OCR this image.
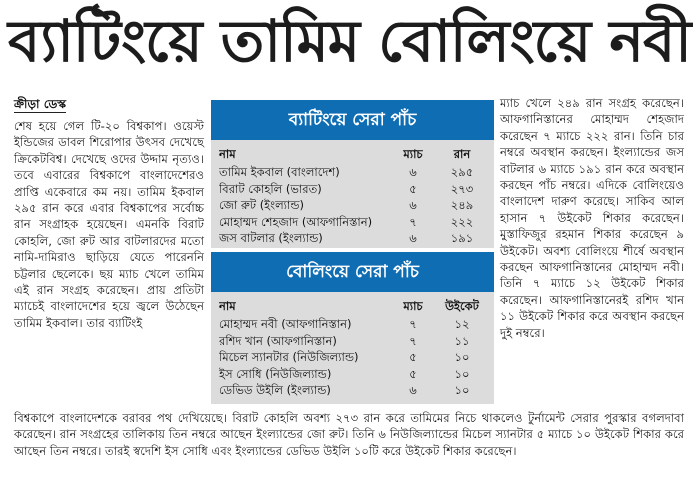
ব্যাটিংয়ে তামিম বোলিংয়ে নবী
ক্রীড়া ডেস্ক
শেষ হয়ে গেল টি-২০ বিশ্বকাপ। ওয়েস্ট ইন্ডিজের ডাবল শিরোপার উৎসব দেখেছে ক্রিকেটবিশ্ব। দেখেছে ওদের উদ্দাম নৃত্যও। তবে এবারের বিশ্বকাপে বাংলাদেশেরও প্রাপ্তি একেবারে কম নয়। তামিম ইকবাল ২৯৫ রান করে এবার বিশ্বকাপের সর্বোচ্চ রান সংগ্রাহক হয়েছেন। এমনকি বিরাট কোহলি, জো রুট আর বাটলারদের মতো নামি-দামিরাও ছাড়িয়ে যেতে পারেননি চট্টলার ছেলেকে। ছয় ম্যাচ খেলে তামিম এই রান সংগ্রহ করেছেন। প্রায় প্রতিটা ম্যাচেই বাংলাদেশের হয়ে জ্বলে উঠেছেন তামিম ইকবাল। তার ব্যাটিংই
ব্যাটিংয়ে সেরা পাঁচ
নাম	ম্যাচ	রান
তামিম ইকবাল (বাংলাদেশ)	৬	২৯৫
বিরাট কোহলি (ভারত)	৫	২৭৩
জো রুট (ইংল্যান্ড)	৬	২৪৯
মোহাম্মদ শেহজাদ (আফগানিস্তান)	৭	২২২
জস বাটলার (ইংল্যান্ড)	৬	১৯১
বোলিংয়ে সেরা পাঁচ
নাম	ম্যাচ	উইকেট
মোহাম্মদ নবী (আফগানিস্তান)	৭	১২
রশিদ খান (আফগানিস্তান)	৭	১১
মিচেল স্যানটার (নিউজিল্যান্ড)	৫	১০
ইস সোধি (নিউজিল্যান্ড)	৫	১০
ডেভিড উইলি (ইংল্যান্ড)	৬	১০
ম্যাচ খেলে ২৪৯ রান সংগ্রহ করেছেন। আফগানিস্তানের মোহাম্মদ শেহজাদ করেছেন ৭ ম্যাচে ২২২ রান। তিনি চার নম্বরে অবস্থান করছেন। ইংল্যান্ডের জস বাটলার ৬ ম্যাচে ১৯১ রান করে অবস্থান করছেন পাঁচ নম্বরে। এদিকে বোলিংয়েও বাংলাদেশ দারুণ করেছে। সাকিব আল হাসান ৭ উইকেট শিকার করেছেন। মুস্তাফিজুর রহমান শিকার করেছেন ৯ উইকেট। অবশ্য বোলিংয়ে শীর্ষে অবস্থান করছেন আফগানিস্তানের মোহাম্মদ নবী। তিনি ৭ ম্যাচে ১২ উইকেট শিকার করেছেন। আফগানিস্তানেরই রশিদ খান ১১ উইকেট শিকার করে অবস্থান করছেন দুই নম্বরে।
বিশ্বকাপে বাংলাদেশকে বরাবর পথ দেখিয়েছে। বিরাট কোহলি অবশ্য ২৭৩ রান করে তামিমের নিচে থাকলেও টুর্নামেন্ট সেরার পুরস্কার বগলদাবা করেছেন। রান সংগ্রহের তালিকায় তিন নম্বরে আছেন ইংল্যান্ডের জো রুট। তিনি ৬ নিউজিল্যান্ডের মিচেল স্যানটার ৫ ম্যাচে ১০ উইকেট শিকার করে আছেন তিন নম্বরে। তারই স্বদেশি ইস সোধি এবং ইংল্যান্ডের ডেভিড উইলি ১০টি করে উইকেট শিকার করেছেন।
